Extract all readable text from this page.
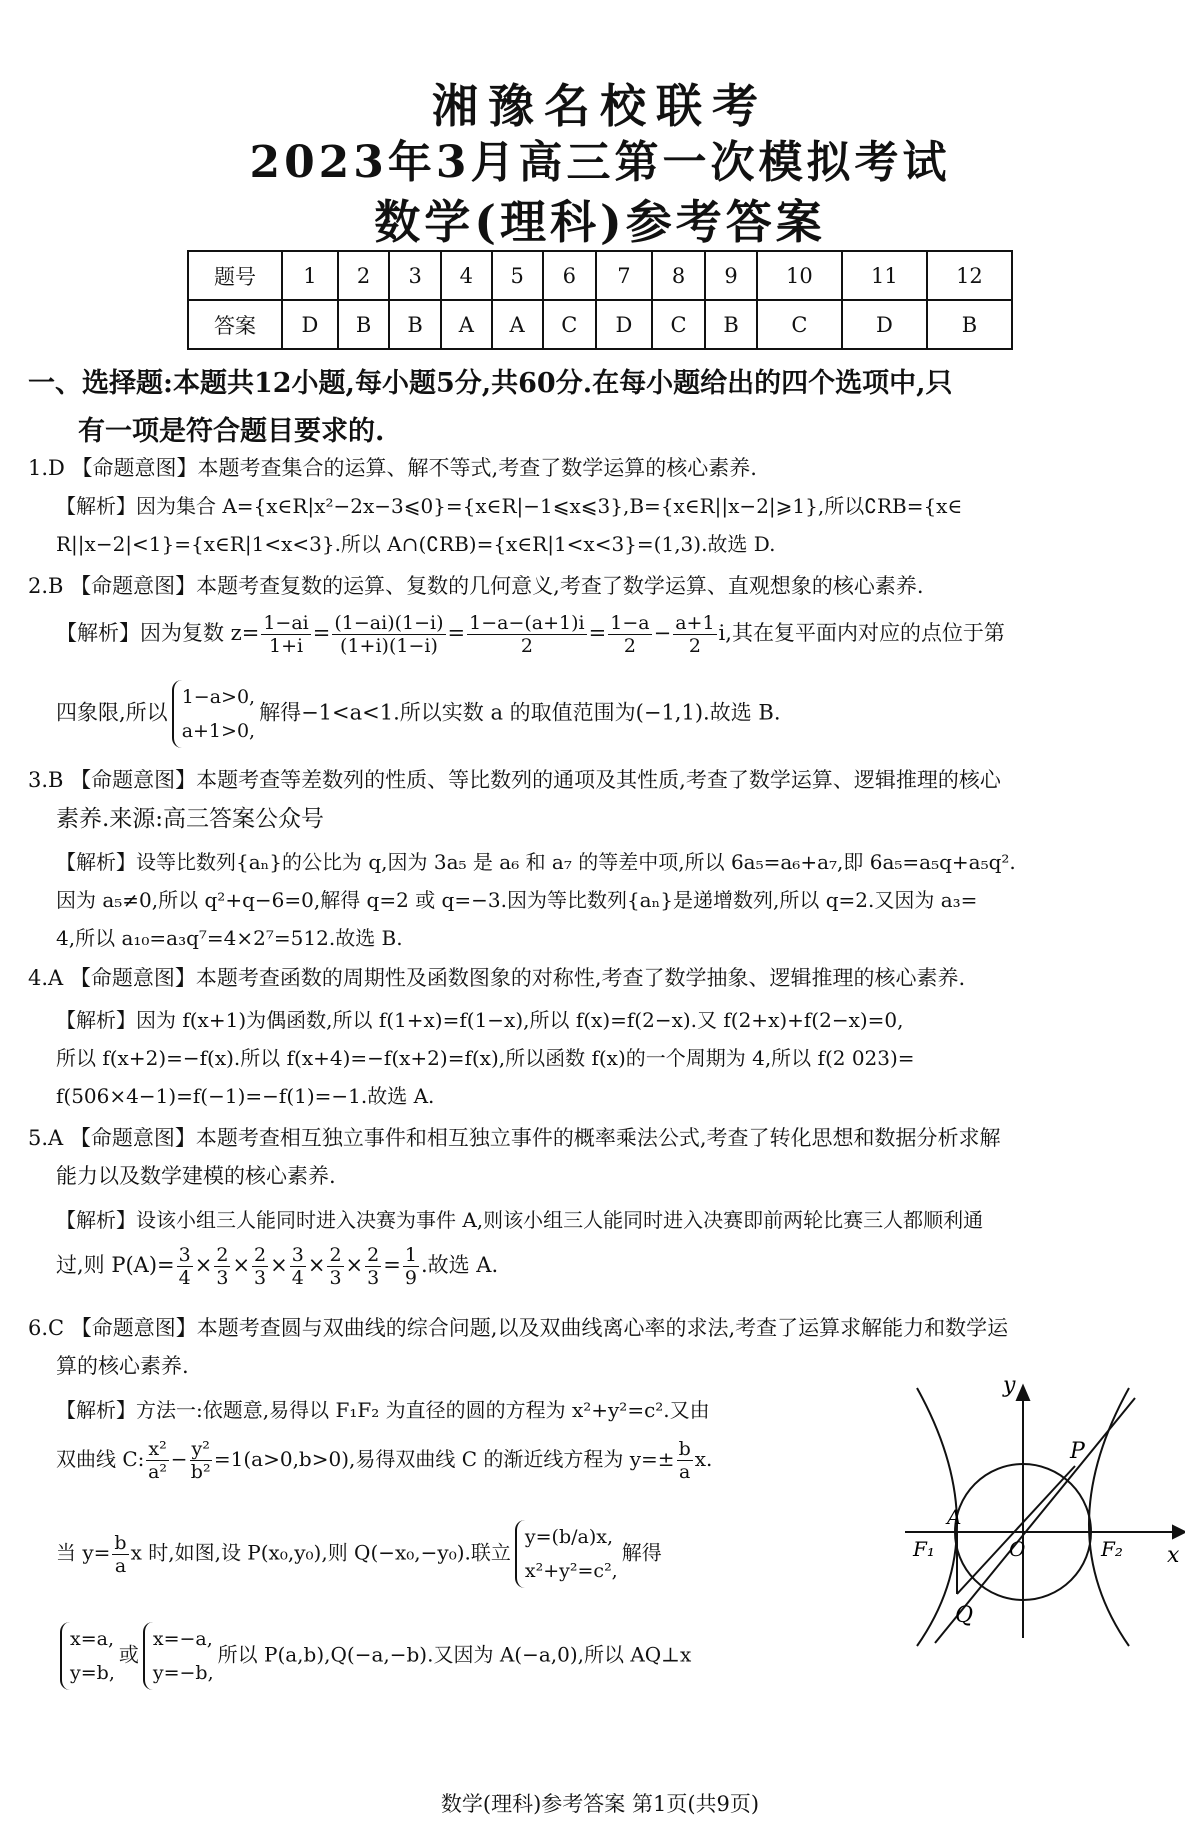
湘豫名校联考
2023年3月高三第一次模拟考试
数学(理科)参考答案
题号	1	2	3	4	5	6	7	8	9	10	11	12
答案	D	B	B	A	A	C	D	C	B	C	D	B
一、选择题:本题共12小题,每小题5分,共60分.在每小题给出的四个选项中,只
有一项是符合题目要求的.
1.D 【命题意图】本题考查集合的运算、解不等式,考查了数学运算的核心素养.
【解析】因为集合 A={x∈R|x²−2x−3⩽0}={x∈R|−1⩽x⩽3},B={x∈R||x−2|⩾1},所以∁RB={x∈
R||x−2|<1}={x∈R|1<x<3}.所以 A∩(∁RB)={x∈R|1<x<3}=(1,3).故选 D.
2.B 【命题意图】本题考查复数的运算、复数的几何意义,考查了数学运算、直观想象的核心素养.
【解析】因为复数 $z= \frac{1-ai}{1+i} = \frac{(1-ai)(1-i)}{(1+i)(1-i)} = \frac{1-a-(a+1)i}{2} = \frac{1-a}{2} - \frac{a+1}{2} i$,其在复平面内对应的点位于第
四象限,所以
1−a>0,
a+1>0,
解得−1<a<1.所以实数 a 的取值范围为(−1,1).故选 B.
3.B 【命题意图】本题考查等差数列的性质、等比数列的通项及其性质,考查了数学运算、逻辑推理的核心
素养.来源:高三答案公众号
【解析】设等比数列{aₙ}的公比为 q,因为 3a₅ 是 a₆ 和 a₇ 的等差中项,所以 6a₅=a₆+a₇,即 6a₅=a₅q+a₅q².
因为 a₅≠0,所以 q²+q−6=0,解得 q=2 或 q=−3.因为等比数列{aₙ}是递增数列,所以 q=2.又因为 a₃=
4,所以 a₁₀=a₃q⁷=4×2⁷=512.故选 B.
4.A 【命题意图】本题考查函数的周期性及函数图象的对称性,考查了数学抽象、逻辑推理的核心素养.
【解析】因为 f(x+1)为偶函数,所以 f(1+x)=f(1−x),所以 f(x)=f(2−x).又 f(2+x)+f(2−x)=0,
所以 f(x+2)=−f(x).所以 f(x+4)=−f(x+2)=f(x),所以函数 f(x)的一个周期为 4,所以 f(2 023)=
f(506×4−1)=f(−1)=−f(1)=−1.故选 A.
5.A 【命题意图】本题考查相互独立事件和相互独立事件的概率乘法公式,考查了转化思想和数据分析求解
能力以及数学建模的核心素养.
【解析】设该小组三人能同时进入决赛为事件 A,则该小组三人能同时进入决赛即前两轮比赛三人都顺利通
过,则 $P(A)= \frac{3}{4} \times \frac{2}{3} \times \frac{2}{3} \times \frac{3}{4} \times \frac{2}{3} \times \frac{2}{3} = \frac{1}{9}$ .故选 A.
6.C 【命题意图】本题考查圆与双曲线的综合问题,以及双曲线离心率的求法,考查了运算求解能力和数学运
算的核心素养.
【解析】方法一:依题意,易得以 F₁F₂ 为直径的圆的方程为 x²+y²=c².又由
双曲线 C: $\frac{\text{x²}}{\text{a²}} - \frac{\text{y²}}{\text{b²}} =1(a>0,b>0)$,易得双曲线 C 的渐近线方程为 $y=\pm \frac{b}{a} x$.
当 $y= \frac{b}{a}$ x 时,如图,设 P(x₀,y₀),则 Q(−x₀,−y₀).联立
y=(b/a)x,
x²+y²=c²,
解得
x=a,
y=b,
或
x=−a,
y=−b,
所以 P(a,b),Q(−a,−b).又因为 A(−a,0),所以 AQ⊥x
y
x
P
Q
A
O
F₁	F₂
数学(理科)参考答案 第1页(共9页)
